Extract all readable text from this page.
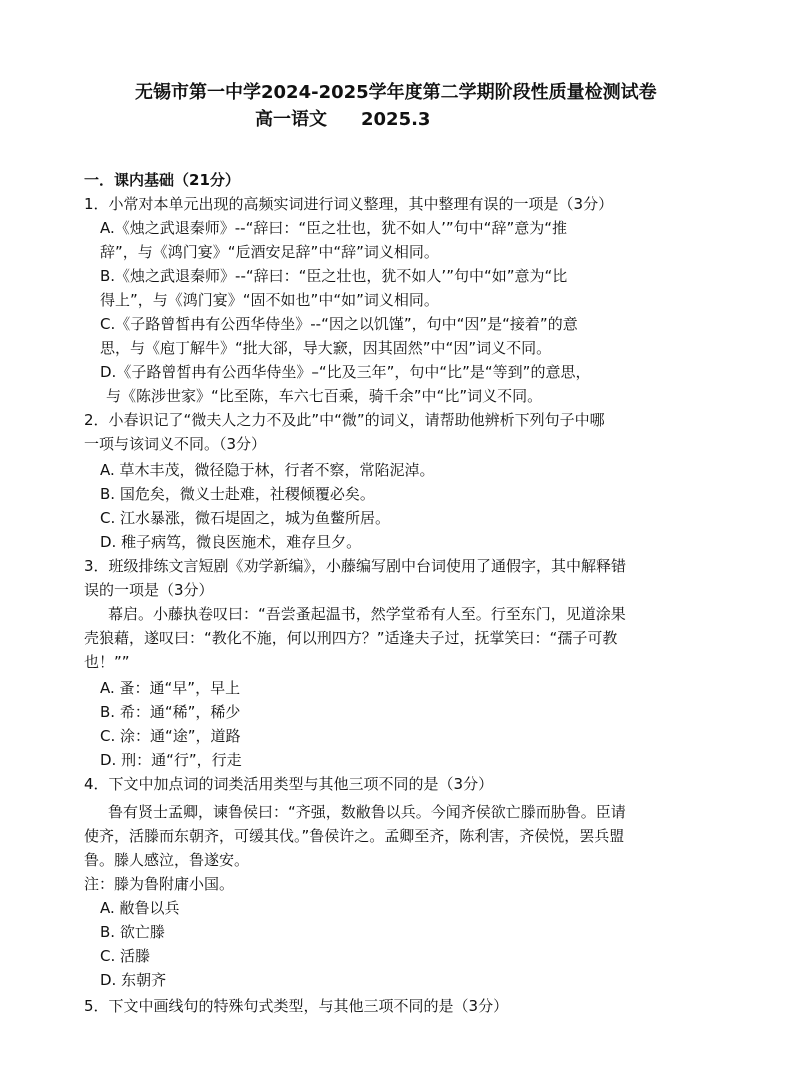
无锡市第一中学2024-2025学年度第二学期阶段性质量检测试卷
高一语文 2025.3
一．课内基础（21分）
1．小常对本单元出现的高频实词进行词义整理，其中整理有误的一项是（3分）
A.《烛之武退秦师》--“辞曰：“臣之壮也，犹不如人’”句中“辞”意为“推
辞”，与《鸿门宴》“卮酒安足辞”中“辞”词义相同。
B.《烛之武退秦师》--“辞曰：“臣之壮也，犹不如人’”句中“如”意为“比
得上”，与《鸿门宴》“固不如也”中“如”词义相同。
C.《子路曾皙冉有公西华侍坐》--“因之以饥馑”，句中“因”是“接着”的意
思，与《庖丁解牛》“批大郤，导大窾，因其固然”中“因”词义不同。
D.《子路曾皙冉有公西华侍坐》–“比及三年”，句中“比”是“等到”的意思，
与《陈涉世家》“比至陈，车六七百乘，骑千余”中“比”词义不同。
2．小春识记了“微夫人之力不及此”中“微”的词义，请帮助他辨析下列句子中哪
一项与该词义不同。（3分）
A. 草木丰茂，微径隐于林，行者不察，常陷泥淖。
B. 国危矣，微义士赴难，社稷倾覆必矣。
C. 江水暴涨，微石堤固之，城为鱼鳖所居。
D. 稚子病笃，微良医施术，难存旦夕。
3．班级排练文言短剧《劝学新编》，小藤编写剧中台词使用了通假字，其中解释错
误的一项是（3分）
幕启。小藤执卷叹曰：“吾尝蚤起温书，然学堂希有人至。行至东门，见道涂果
壳狼藉，遂叹曰：“教化不施，何以刑四方？”适逢夫子过，抚掌笑曰：“孺子可教
也！””
A. 蚤：通“早”，早上
B. 希：通“稀”，稀少
C. 涂：通“途”，道路
D. 刑：通“行”，行走
4．下文中加点词的词类活用类型与其他三项不同的是（3分）
鲁有贤士孟卿，谏鲁侯曰：“齐强，数敝鲁以兵。今闻齐侯欲亡滕而胁鲁。臣请
使齐，活滕而东朝齐，可缓其伐。”鲁侯许之。孟卿至齐，陈利害，齐侯悦，罢兵盟
鲁。滕人感泣，鲁遂安。
注：滕为鲁附庸小国。
A. 敝鲁以兵
B. 欲亡滕
C. 活滕
D. 东朝齐
5．下文中画线句的特殊句式类型，与其他三项不同的是（3分）
